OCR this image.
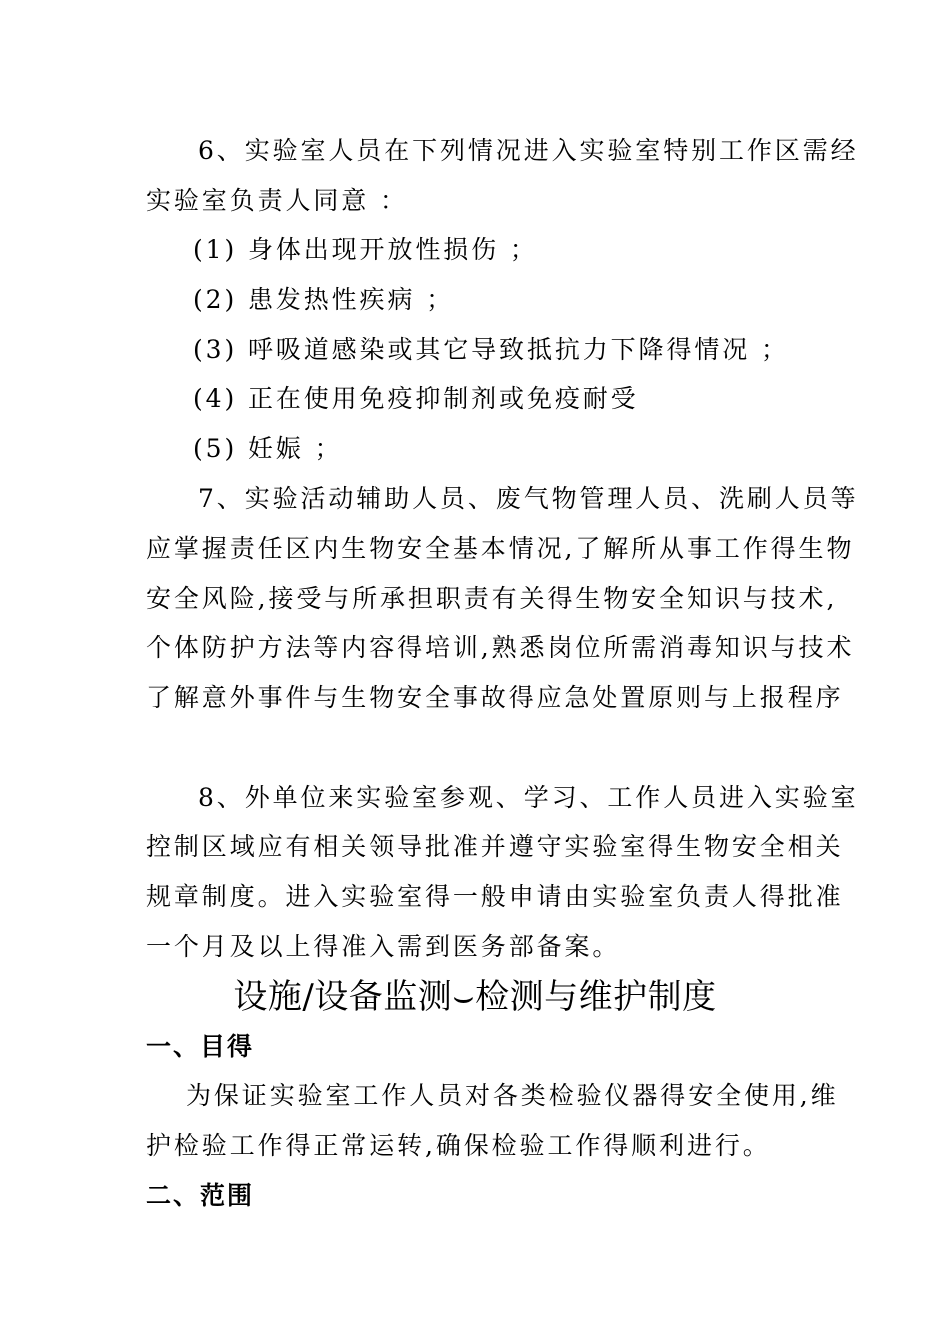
6、实验室人员在下列情况进入实验室特别工作区需经
实验室负责人同意 ：
(1) 身体出现开放性损伤 ；
(2) 患发热性疾病 ；
(3) 呼吸道感染或其它导致抵抗力下降得情况 ；
(4) 正在使用免疫抑制剂或免疫耐受
(5) 妊娠 ；
7、实验活动辅助人员、废气物管理人员、洗刷人员等
应掌握责任区内生物安全基本情况,了解所从事工作得生物
安全风险,接受与所承担职责有关得生物安全知识与技术,
个体防护方法等内容得培训,熟悉岗位所需消毒知识与技术
了解意外事件与生物安全事故得应急处置原则与上报程序
8、外单位来实验室参观、学习、工作人员进入实验室
控制区域应有相关领导批准并遵守实验室得生物安全相关
规章制度。进入实验室得一般申请由实验室负责人得批准
一个月及以上得准入需到医务部备案。
设施/设备监测⌣检测与维护制度
一、目得
为保证实验室工作人员对各类检验仪器得安全使用,维
护检验工作得正常运转,确保检验工作得顺利进行。
二、范围
